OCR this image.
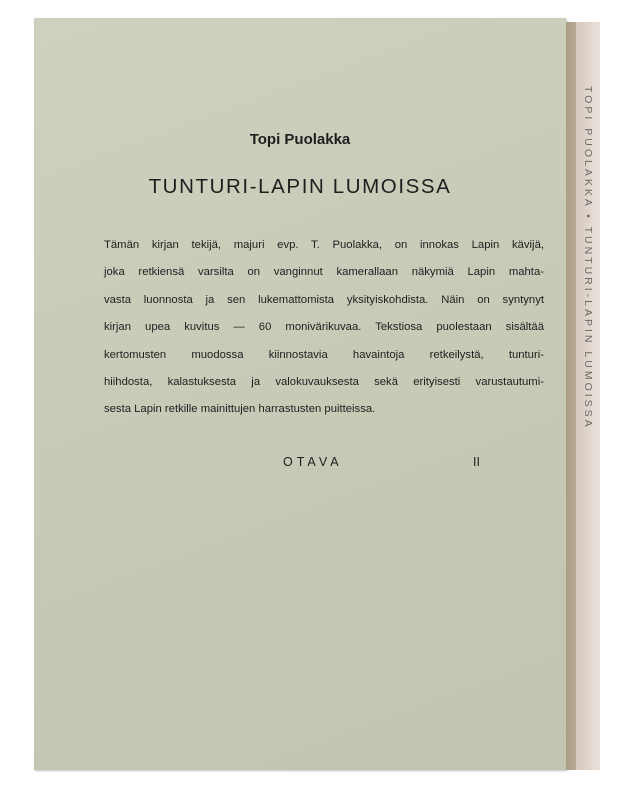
Topi Puolakka
TUNTURI-LAPIN LUMOISSA
Tämän kirjan tekijä, majuri evp. T. Puolakka, on innokas Lapin kävijä,
joka retkiensä varsilta on vanginnut kamerallaan näkymiä Lapin mahta-
vasta luonnosta ja sen lukemattomista yksityiskohdista. Näin on syntynyt
kirjan upea kuvitus — 60 monivärikuvaa. Tekstiosa puolestaan sisältää
kertomusten muodossa kiinnostavia havaintoja retkeilystä, tunturi-
hiihdosta, kalastuksesta ja valokuvauksesta sekä erityisesti varustautumi-
sesta Lapin retkille mainittujen harrastusten puitteissa.
OTAVA	II
TOPI PUOLAKKA • TUNTURI-LAPIN LUMOISSA
